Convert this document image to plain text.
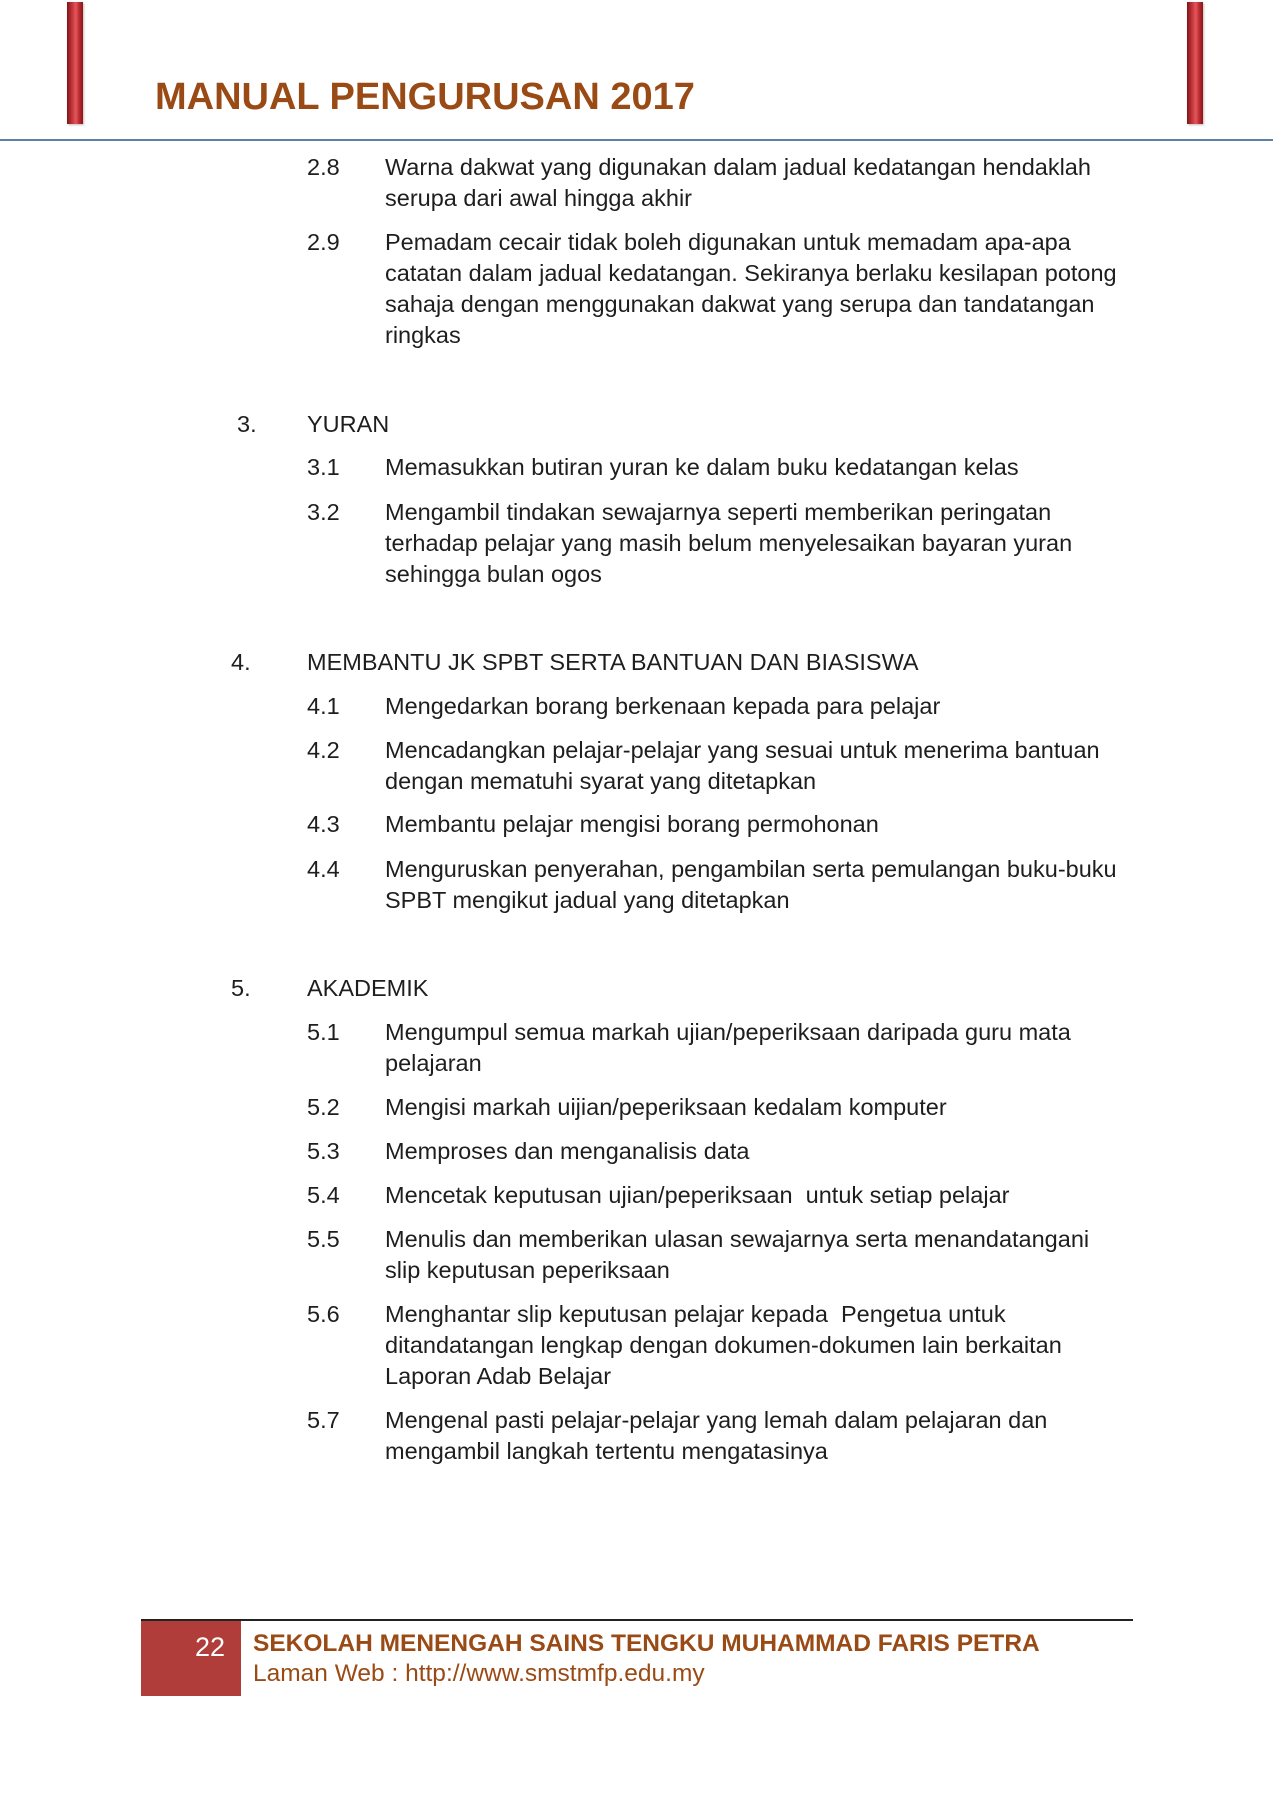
MANUAL PENGURUSAN 2017
2.8 Warna dakwat yang digunakan dalam jadual kedatangan hendaklah
serupa dari awal hingga akhir
2.9 Pemadam cecair tidak boleh digunakan untuk memadam apa-apa
catatan dalam jadual kedatangan. Sekiranya berlaku kesilapan potong
sahaja dengan menggunakan dakwat yang serupa dan tandatangan
ringkas
3. YURAN
3.1 Memasukkan butiran yuran ke dalam buku kedatangan kelas
3.2 Mengambil tindakan sewajarnya seperti memberikan peringatan
terhadap pelajar yang masih belum menyelesaikan bayaran yuran
sehingga bulan ogos
4. MEMBANTU JK SPBT SERTA BANTUAN DAN BIASISWA
4.1 Mengedarkan borang berkenaan kepada para pelajar
4.2 Mencadangkan pelajar-pelajar yang sesuai untuk menerima bantuan
dengan mematuhi syarat yang ditetapkan
4.3 Membantu pelajar mengisi borang permohonan
4.4 Menguruskan penyerahan, pengambilan serta pemulangan buku-buku
SPBT mengikut jadual yang ditetapkan
5. AKADEMIK
5.1 Mengumpul semua markah ujian/peperiksaan daripada guru mata
pelajaran
5.2 Mengisi markah uijian/peperiksaan kedalam komputer
5.3 Memproses dan menganalisis data
5.4 Mencetak keputusan ujian/peperiksaan  untuk setiap pelajar
5.5 Menulis dan memberikan ulasan sewajarnya serta menandatangani
slip keputusan peperiksaan
5.6 Menghantar slip keputusan pelajar kepada  Pengetua untuk
ditandatangan lengkap dengan dokumen-dokumen lain berkaitan
Laporan Adab Belajar
5.7 Mengenal pasti pelajar-pelajar yang lemah dalam pelajaran dan
mengambil langkah tertentu mengatasinya
22 SEKOLAH MENENGAH SAINS TENGKU MUHAMMAD FARIS PETRA
Laman Web : http://www.smstmfp.edu.my
